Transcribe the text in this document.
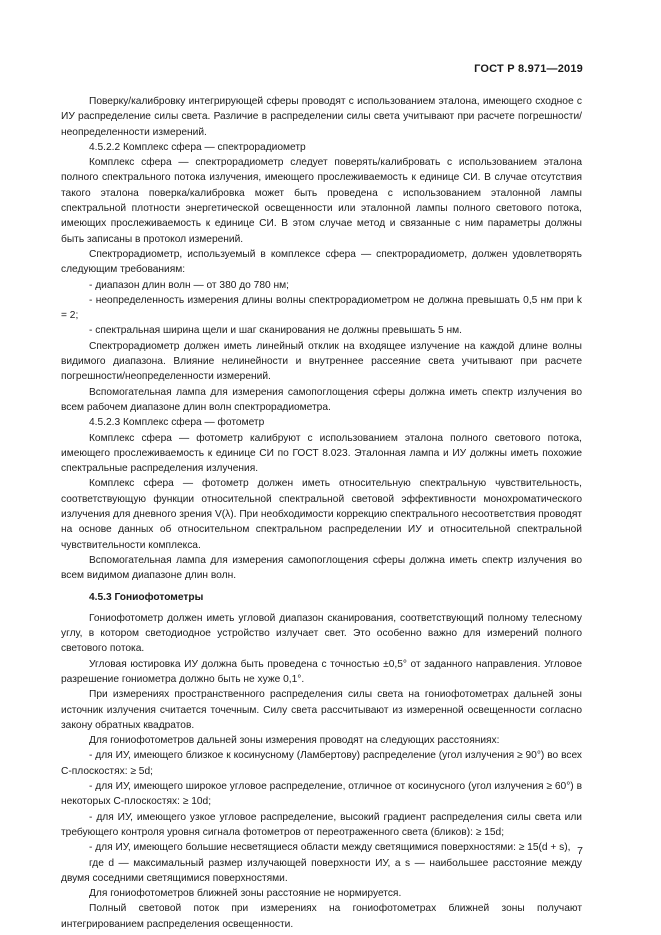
ГОСТ Р 8.971—2019

Поверку/калибровку интегрирующей сферы проводят с использованием эталона, имеющего сходное с ИУ распределение силы света. Различие в распределении силы света учитывают при расчете погрешности/неопределенности измерений.

4.5.2.2 Комплекс сфера — спектрорадиометр

Комплекс сфера — спектрорадиометр следует поверять/калибровать с использованием эталона полного спектрального потока излучения, имеющего прослеживаемость к единице СИ. В случае отсутствия такого эталона поверка/калибровка может быть проведена с использованием эталонной лампы спектральной плотности энергетической освещенности или эталонной лампы полного светового потока, имеющих прослеживаемость к единице СИ. В этом случае метод и связанные с ним параметры должны быть записаны в протокол измерений.

Спектрорадиометр, используемый в комплексе сфера — спектрорадиометр, должен удовлетворять следующим требованиям:

- диапазон длин волн — от 380 до 780 нм;

- неопределенность измерения длины волны спектрорадиометром не должна превышать 0,5 нм при k = 2;

- спектральная ширина щели и шаг сканирования не должны превышать 5 нм.

Спектрорадиометр должен иметь линейный отклик на входящее излучение на каждой длине волны видимого диапазона. Влияние нелинейности и внутреннее рассеяние света учитывают при расчете погрешности/неопределенности измерений.

Вспомогательная лампа для измерения самопоглощения сферы должна иметь спектр излучения во всем рабочем диапазоне длин волн спектрорадиометра.

4.5.2.3 Комплекс сфера — фотометр

Комплекс сфера — фотометр калибруют с использованием эталона полного светового потока, имеющего прослеживаемость к единице СИ по ГОСТ 8.023. Эталонная лампа и ИУ должны иметь похожие спектральные распределения излучения.

Комплекс сфера — фотометр должен иметь относительную спектральную чувствительность, соответствующую функции относительной спектральной световой эффективности монохроматического излучения для дневного зрения V(λ). При необходимости коррекцию спектрального несоответствия проводят на основе данных об относительном спектральном распределении ИУ и относительной спектральной чувствительности комплекса.

Вспомогательная лампа для измерения самопоглощения сферы должна иметь спектр излучения во всем видимом диапазоне длин волн.

4.5.3 Гониофотометры

Гониофотометр должен иметь угловой диапазон сканирования, соответствующий полному телесному углу, в котором светодиодное устройство излучает свет. Это особенно важно для измерений полного светового потока.

Угловая юстировка ИУ должна быть проведена с точностью ±0,5° от заданного направления. Угловое разрешение гониометра должно быть не хуже 0,1°.

При измерениях пространственного распределения силы света на гониофотометрах дальней зоны источник излучения считается точечным. Силу света рассчитывают из измеренной освещенности согласно закону обратных квадратов.

Для гониофотометров дальней зоны измерения проводят на следующих расстояниях:

- для ИУ, имеющего близкое к косинусному (Ламбертову) распределение (угол излучения ≥ 90°) во всех C-плоскостях: ≥ 5d;

- для ИУ, имеющего широкое угловое распределение, отличное от косинусного (угол излучения ≥ 60°) в некоторых C-плоскостях: ≥ 10d;

- для ИУ, имеющего узкое угловое распределение, высокий градиент распределения силы света или требующего контроля уровня сигнала фотометров от переотраженного света (бликов): ≥ 15d;

- для ИУ, имеющего большие несветящиеся области между светящимися поверхностями: ≥ 15(d + s),

где d — максимальный размер излучающей поверхности ИУ, а s — наибольшее расстояние между двумя соседними светящимися поверхностями.

Для гониофотометров ближней зоны расстояние не нормируется.

Полный световой поток при измерениях на гониофотометрах ближней зоны получают интегрированием распределения освещенности.

7
